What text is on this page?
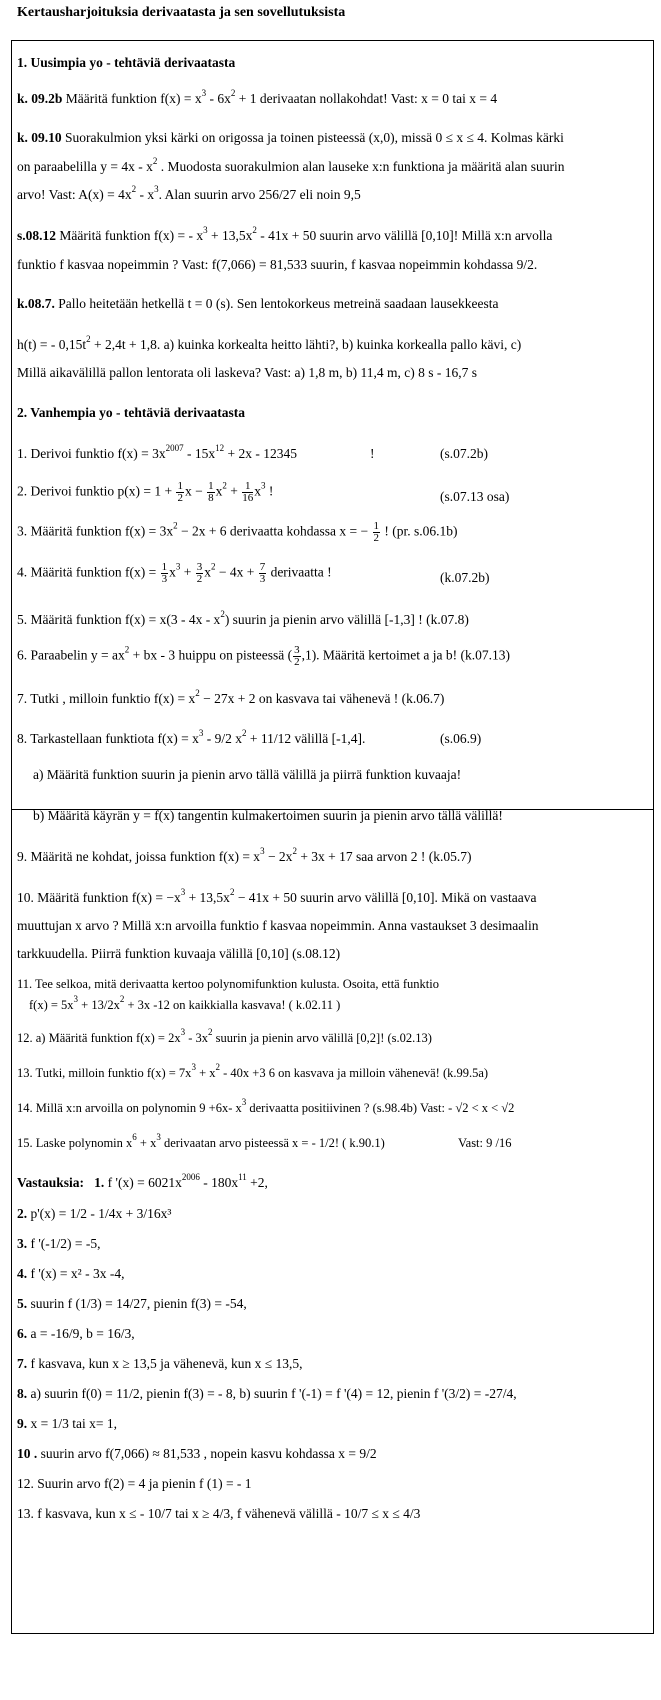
Kertausharjoituksia derivaatasta ja sen sovellutuksista
1. Uusimpia yo - tehtäviä derivaatasta
k. 09.2b Määritä funktion $f(x) = x^3 - 6x^2 + 1$ derivaatan nollakohdat! Vast: x = 0 tai x = 4
k. 09.10 Suorakulmion yksi kärki on origossa ja toinen pisteessä (x,0), missä 0 ≤ x ≤ 4. Kolmas kärki
on paraabelilla $y = 4x - x^2$ . Muodosta suorakulmion alan lauseke x:n funktiona ja määritä alan suurin
arvo! Vast: $A(x) = 4x^2 - x^3$. Alan suurin arvo 256/27 eli noin 9,5
s.08.12 Määritä funktion f(x) = - $x^3 + 13,5x^2 - 41x + 50$ suurin arvo välillä [0,10]! Millä x:n arvolla
funktio f kasvaa nopeimmin ? Vast: f(7,066) = 81,533 suurin, f kasvaa nopeimmin kohdassa 9/2.
k.08.7. Pallo heitetään hetkellä t = 0 (s). Sen lentokorkeus metreinä saadaan lausekkeesta
h(t) = - $0,15t^2 + 2,4t + 1,8$. a) kuinka korkealta heitto lähti?, b) kuinka korkealla pallo kävi, c)
Millä aikavälillä pallon lentorata oli laskeva? Vast: a) 1,8 m, b) 11,4 m, c) 8 s - 16,7 s
2. Vanhempia yo - tehtäviä derivaatasta
1. Derivoi funktio $f(x) = 3x^{2007} - 15x^{12} + 2x - 12345$	!	(s.07.2b)
2. Derivoi funktio $p(x) = 1 + \frac{1}{2}$ $x - \frac{1}{8} x^2 + \frac{1}{16} x^3$ !	(s.07.13 osa)
3. Määritä funktion $f(x) = 3x^2 - 2x + 6$ derivaatta kohdassa x = − $\frac{1}{2}$ ! (pr. s.06.1b)
4. Määritä funktion $f(x) = \frac{1}{3} x^3 + \frac{3}{2} x^2 - 4x + \frac{7}{3}$ derivaatta !	(k.07.2b)
5. Määritä funktion $f(x) = x(3 - 4x - x^2)$ suurin ja pienin arvo välillä [-1,3] ! (k.07.8)
6. Paraabelin $y = ax^2$ + bx - 3 huippu on pisteessä ( $\frac{3}{2} ,1$). Määritä kertoimet a ja b! (k.07.13)
7. Tutki , milloin funktio $f(x) = x^2 - 27x + 2$ on kasvava tai vähenevä ! (k.06.7)
8. Tarkastellaan funktiota $f(x) = x^3 - 9/2$ $x^2 + 11/12$ välillä [-1,4].	(s.06.9)
a) Määritä funktion suurin ja pienin arvo tällä välillä ja piirrä funktion kuvaaja!
b) Määritä käyrän y = f(x) tangentin kulmakertoimen suurin ja pienin arvo tällä välillä!
9. Määritä ne kohdat, joissa funktion $f(x) = x^3 - 2x^2 + 3x + 17$ saa arvon 2 ! (k.05.7)
10. Määritä funktion $f(x) = -x^3 + 13,5x^2 - 41x + 50$ suurin arvo välillä [0,10]. Mikä on vastaava
muuttujan x arvo ? Millä x:n arvoilla funktio f kasvaa nopeimmin. Anna vastaukset 3 desimaalin
tarkkuudella. Piirrä funktion kuvaaja välillä [0,10] (s.08.12)
11. Tee selkoa, mitä derivaatta kertoo polynomifunktion kulusta. Osoita, että funktio
$f(x) = 5x^3 + 13/2x^2 + 3x$ -12 on kaikkialla kasvava! ( k.02.11 )
12. a) Määritä funktion $f(x) = 2x^3 - 3x^2$ suurin ja pienin arvo välillä [0,2]! (s.02.13)
13. Tutki, milloin funktio $f(x) = 7x^3 + x^2 - 40x +3$ 6 on kasvava ja milloin vähenevä! (k.99.5a)
14. Millä x:n arvoilla on polynomin 9 +6x- $x^3$ derivaatta positiivinen ? (s.98.4b) Vast: - √2 < x < √2
15. Laske polynomin $x^6 + x^3$ derivaatan arvo pisteessä x = - 1/2! ( k.90.1)	Vast: 9 /16
Vastauksia: 1. f '$(x) = 6021x^{2006} - 180x^{11} +2$,
2. p'(x) = 1/2 - 1/4x + 3/16x³
3. f '(-1/2) = -5,
4. f '(x) = x² - 3x -4,
5. suurin f (1/3) = 14/27, pienin f(3) = -54,
6. a = -16/9, b = 16/3,
7. f kasvava, kun x ≥ 13,5 ja vähenevä, kun x ≤ 13,5,
8. a) suurin f(0) = 11/2, pienin f(3) = - 8, b) suurin f '(-1) = f '(4) = 12, pienin f '(3/2) = -27/4,
9. x = 1/3 tai x= 1,
10 . suurin arvo f(7,066) ≈ 81,533 , nopein kasvu kohdassa x = 9/2
12. Suurin arvo f(2) = 4 ja pienin f (1) = - 1
13. f kasvava, kun x ≤ - 10/7 tai x ≥ 4/3, f vähenevä välillä - 10/7 ≤ x ≤ 4/3
